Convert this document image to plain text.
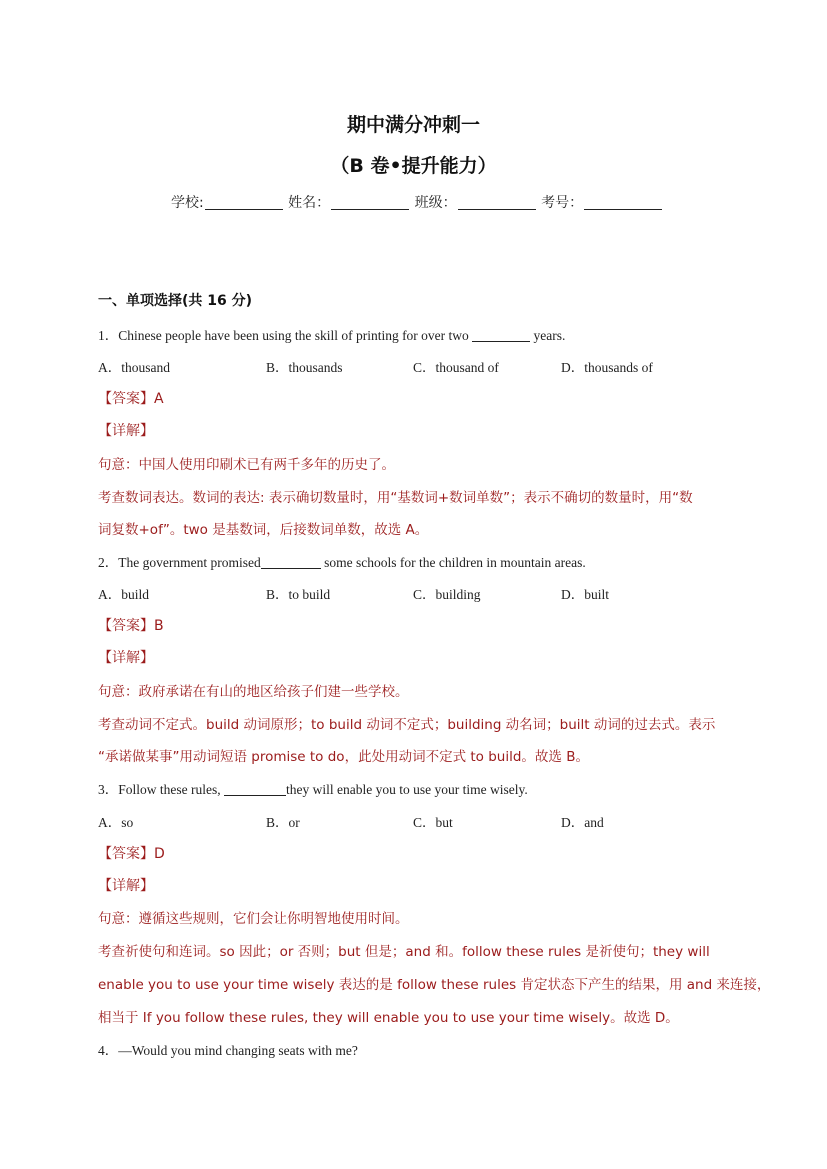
期中满分冲刺一
（B 卷•提升能力）
学校:	姓名：	班级：	考号：
一、单项选择(共 16 分)
1．Chinese people have been using the skill of printing for over two	years.
A．thousand	B．thousands	C．thousand of	D．thousands of
【答案】A
【详解】
句意：中国人使用印刷术已有两千多年的历史了。
考查数词表达。数词的表达: 表示确切数量时，用“基数词+数词单数”；表示不确切的数量时，用“数
词复数+of”。two 是基数词，后接数词单数，故选 A。
2．The government promised	some schools for the children in mountain areas.
A．build	B．to build	C．building	D．built
【答案】B
【详解】
句意：政府承诺在有山的地区给孩子们建一些学校。
考查动词不定式。build 动词原形；to build 动词不定式；building 动名词；built 动词的过去式。表示
“承诺做某事”用动词短语 promise to do，此处用动词不定式 to build。故选 B。
3．Follow these rules,	they will enable you to use your time wisely.
A．so	B．or	C．but	D．and
【答案】D
【详解】
句意：遵循这些规则，它们会让你明智地使用时间。
考查祈使句和连词。so 因此；or 否则；but 但是；and 和。follow these rules 是祈使句；they will
enable you to use your time wisely 表达的是 follow these rules 肯定状态下产生的结果，用 and 来连接，
相当于 If you follow these rules, they will enable you to use your time wisely。故选 D。
4．—Would you mind changing seats with me?
